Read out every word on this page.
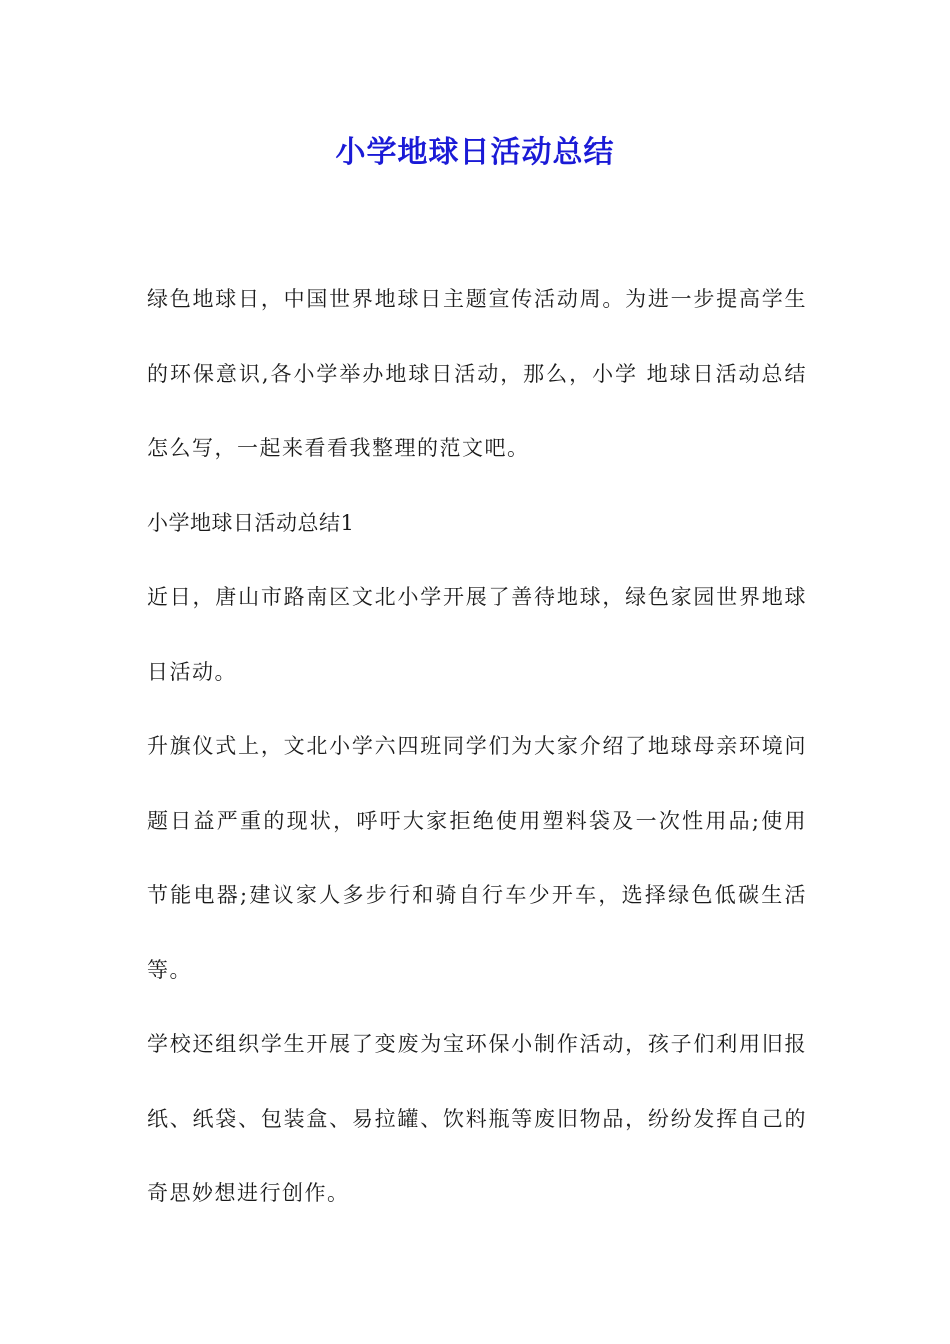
小学地球日活动总结

绿色地球日，中国世界地球日主题宣传活动周。为进一步提高学生的环保意识,各小学举办地球日活动，那么，小学 地球日活动总结怎么写，一起来看看我整理的范文吧。

小学地球日活动总结1

近日，唐山市路南区文北小学开展了善待地球，绿色家园世界地球日活动。

升旗仪式上，文北小学六四班同学们为大家介绍了地球母亲环境问题日益严重的现状，呼吁大家拒绝使用塑料袋及一次性用品;使用节能电器;建议家人多步行和骑自行车少开车，选择绿色低碳生活等。

学校还组织学生开展了变废为宝环保小制作活动，孩子们利用旧报纸、纸袋、包装盒、易拉罐、饮料瓶等废旧物品，纷纷发挥自己的奇思妙想进行创作。
